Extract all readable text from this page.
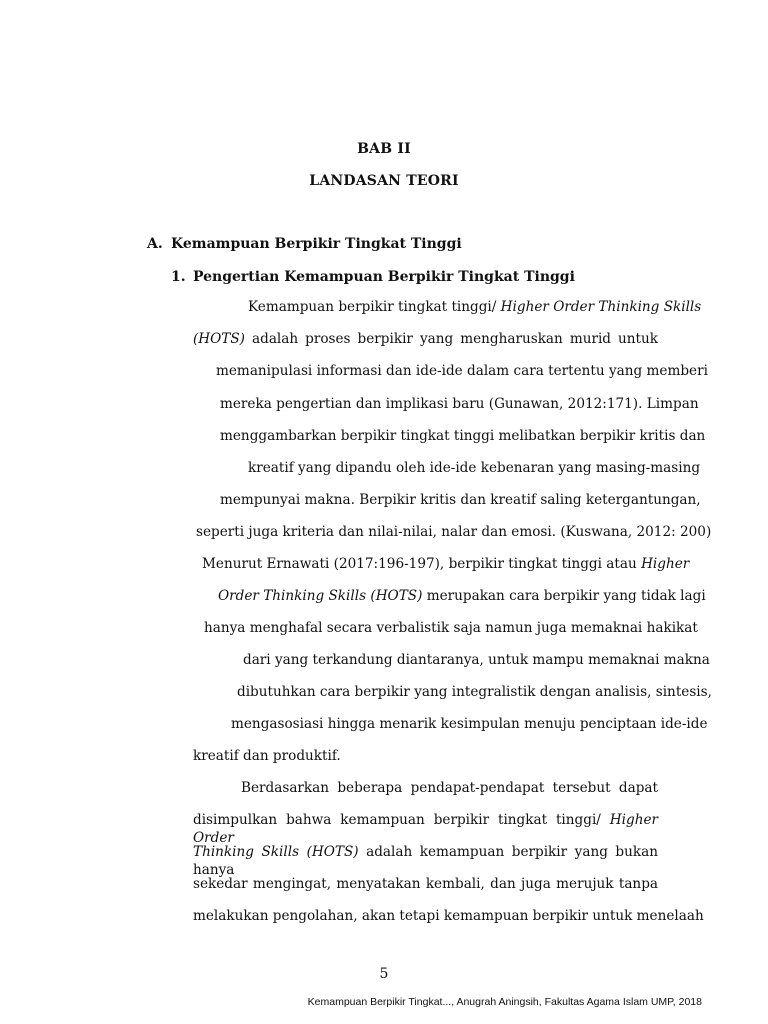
BAB II
LANDASAN TEORI
A. Kemampuan Berpikir Tingkat Tinggi
1. Pengertian Kemampuan Berpikir Tingkat Tinggi
Kemampuan berpikir tingkat tinggi/ Higher Order Thinking Skills
(HOTS) adalah proses berpikir yang mengharuskan murid untuk
memanipulasi informasi dan ide-ide dalam cara tertentu yang memberi
mereka pengertian dan implikasi baru (Gunawan, 2012:171). Limpan
menggambarkan berpikir tingkat tinggi melibatkan berpikir kritis dan
kreatif yang dipandu oleh ide-ide kebenaran yang masing-masing
mempunyai makna. Berpikir kritis dan kreatif saling ketergantungan,
seperti juga kriteria dan nilai-nilai, nalar dan emosi. (Kuswana, 2012: 200)
Menurut Ernawati (2017:196-197), berpikir tingkat tinggi atau Higher
Order Thinking Skills (HOTS) merupakan cara berpikir yang tidak lagi
hanya menghafal secara verbalistik saja namun juga memaknai hakikat
dari yang terkandung diantaranya, untuk mampu memaknai makna
dibutuhkan cara berpikir yang integralistik dengan analisis, sintesis,
mengasosiasi hingga menarik kesimpulan menuju penciptaan ide-ide
kreatif dan produktif.
Berdasarkan beberapa pendapat-pendapat tersebut dapat
disimpulkan bahwa kemampuan berpikir tingkat tinggi/ Higher Order
Thinking Skills (HOTS) adalah kemampuan berpikir yang bukan hanya
sekedar mengingat, menyatakan kembali, dan juga merujuk tanpa
melakukan pengolahan, akan tetapi kemampuan berpikir untuk menelaah
5
Kemampuan Berpikir Tingkat..., Anugrah Aningsih, Fakultas Agama Islam UMP, 2018
